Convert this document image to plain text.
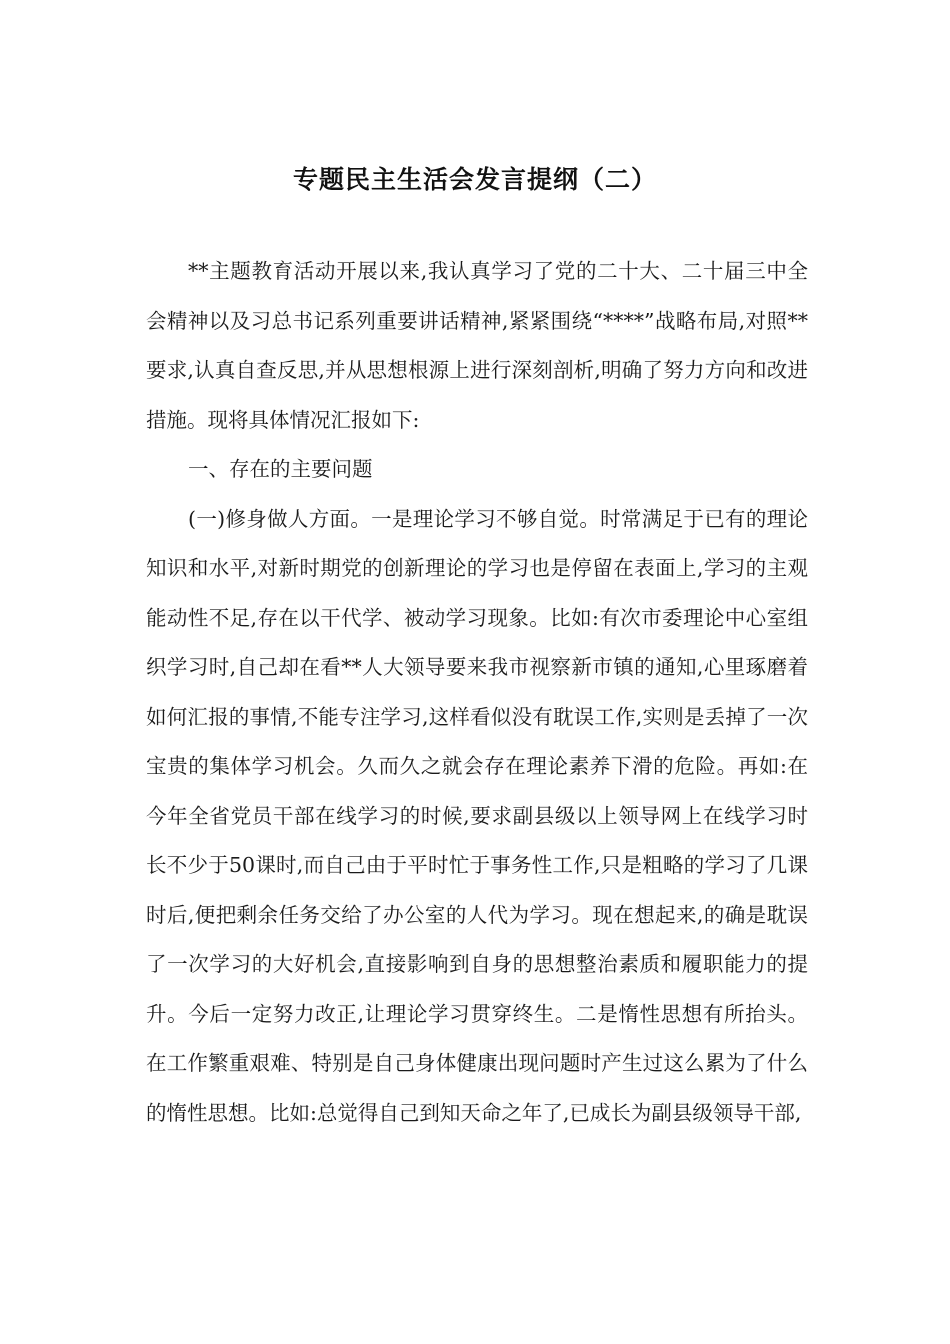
专题民主生活会发言提纲（二）

**主题教育活动开展以来,我认真学习了党的二十大、二十届三中全会精神以及习总书记系列重要讲话精神,紧紧围绕“****”战略布局,对照**要求,认真自查反思,并从思想根源上进行深刻剖析,明确了努力方向和改进措施。现将具体情况汇报如下:

一、存在的主要问题

(一)修身做人方面。一是理论学习不够自觉。时常满足于已有的理论知识和水平,对新时期党的创新理论的学习也是停留在表面上,学习的主观能动性不足,存在以干代学、被动学习现象。比如:有次市委理论中心室组织学习时,自己却在看**人大领导要来我市视察新市镇的通知,心里琢磨着如何汇报的事情,不能专注学习,这样看似没有耽误工作,实则是丢掉了一次宝贵的集体学习机会。久而久之就会存在理论素养下滑的危险。再如:在今年全省党员干部在线学习的时候,要求副县级以上领导网上在线学习时长不少于50课时,而自己由于平时忙于事务性工作,只是粗略的学习了几课时后,便把剩余任务交给了办公室的人代为学习。现在想起来,的确是耽误了一次学习的大好机会,直接影响到自身的思想整治素质和履职能力的提升。今后一定努力改正,让理论学习贯穿终生。二是惰性思想有所抬头。在工作繁重艰难、特别是自己身体健康出现问题时产生过这么累为了什么的惰性思想。比如:总觉得自己到知天命之年了,已成长为副县级领导干部,
